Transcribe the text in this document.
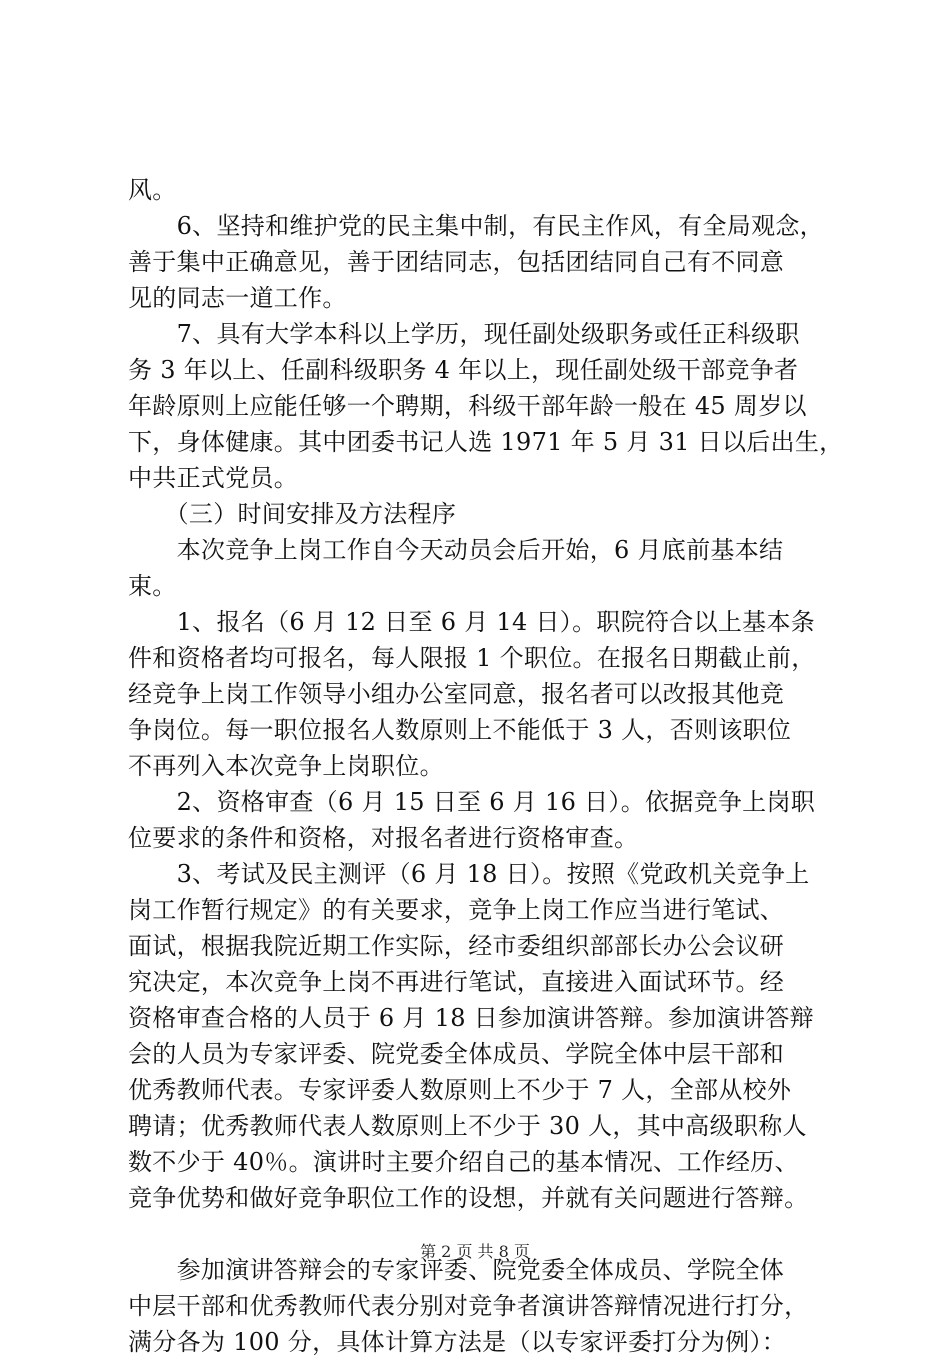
风。
　　6、坚持和维护党的民主集中制，有民主作风，有全局观念，
善于集中正确意见，善于团结同志，包括团结同自己有不同意
见的同志一道工作。
　　7、具有大学本科以上学历，现任副处级职务或任正科级职
务 3 年以上、任副科级职务 4 年以上，现任副处级干部竞争者
年龄原则上应能任够一个聘期，科级干部年龄一般在 45 周岁以
下，身体健康。其中团委书记人选 1971 年 5 月 31 日以后出生，
中共正式党员。
　　（三）时间安排及方法程序
　　本次竞争上岗工作自今天动员会后开始，6 月底前基本结
束。
　　1、报名（6 月 12 日至 6 月 14 日）。职院符合以上基本条
件和资格者均可报名，每人限报 1 个职位。在报名日期截止前，
经竞争上岗工作领导小组办公室同意，报名者可以改报其他竞
争岗位。每一职位报名人数原则上不能低于 3 人，否则该职位
不再列入本次竞争上岗职位。
　　2、资格审查（6 月 15 日至 6 月 16 日）。依据竞争上岗职
位要求的条件和资格，对报名者进行资格审查。
　　3、考试及民主测评（6 月 18 日）。按照《党政机关竞争上
岗工作暂行规定》的有关要求，竞争上岗工作应当进行笔试、
面试，根据我院近期工作实际，经市委组织部部长办公会议研
究决定，本次竞争上岗不再进行笔试，直接进入面试环节。经
资格审查合格的人员于 6 月 18 日参加演讲答辩。参加演讲答辩
会的人员为专家评委、院党委全体成员、学院全体中层干部和
优秀教师代表。专家评委人数原则上不少于 7 人，全部从校外
聘请；优秀教师代表人数原则上不少于 30 人，其中高级职称人
数不少于 40％。演讲时主要介绍自己的基本情况、工作经历、
竞争优势和做好竞争职位工作的设想，并就有关问题进行答辩。
　　参加演讲答辩会的专家评委、院党委全体成员、学院全体
中层干部和优秀教师代表分别对竞争者演讲答辩情况进行打分，
满分各为 100 分，具体计算方法是（以专家评委打分为例）：
第 2 页 共 8 页
